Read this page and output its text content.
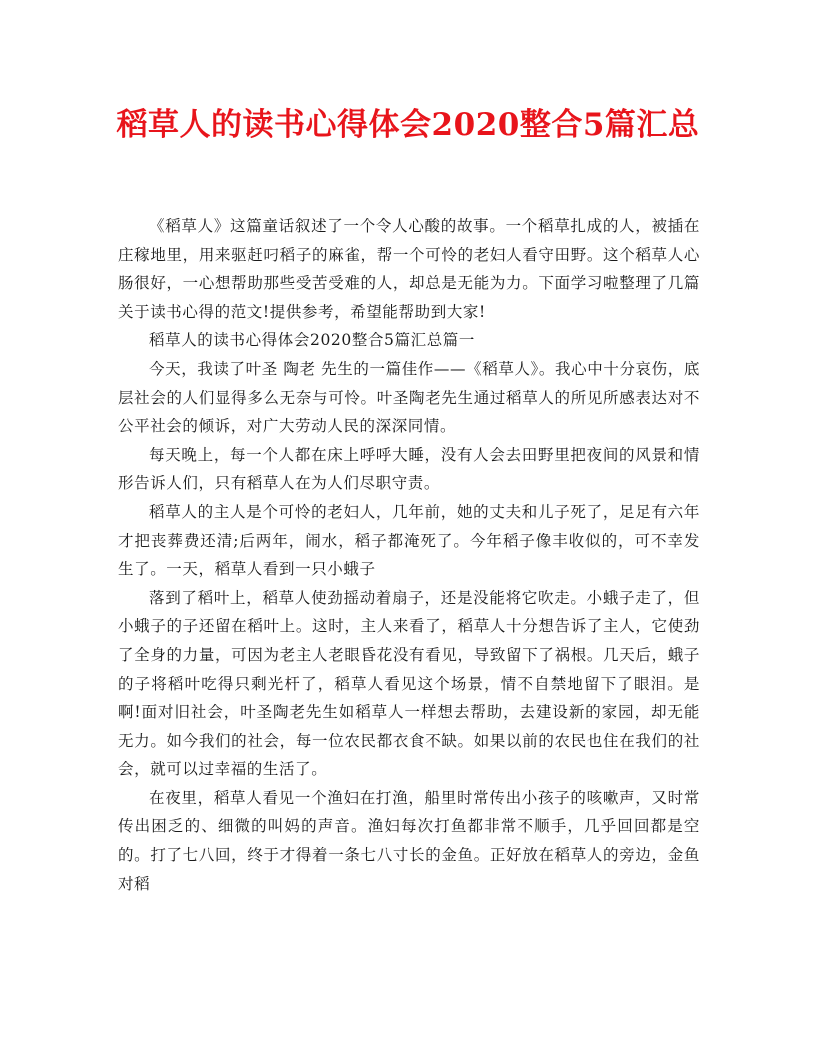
稻草人的读书心得体会2020整合5篇汇总

《稻草人》这篇童话叙述了一个令人心酸的故事。一个稻草扎成的人，被插在庄稼地里，用来驱赶叼稻子的麻雀，帮一个可怜的老妇人看守田野。这个稻草人心肠很好，一心想帮助那些受苦受难的人，却总是无能为力。下面学习啦整理了几篇关于读书心得的范文!提供参考，希望能帮助到大家!

稻草人的读书心得体会2020整合5篇汇总篇一

今天，我读了叶圣 陶老 先生的一篇佳作——《稻草人》。我心中十分哀伤，底层社会的人们显得多么无奈与可怜。叶圣陶老先生通过稻草人的所见所感表达对不公平社会的倾诉，对广大劳动人民的深深同情。

每天晚上，每一个人都在床上呼呼大睡，没有人会去田野里把夜间的风景和情形告诉人们，只有稻草人在为人们尽职守责。

稻草人的主人是个可怜的老妇人，几年前，她的丈夫和儿子死了，足足有六年才把丧葬费还清;后两年，闹水，稻子都淹死了。今年稻子像丰收似的，可不幸发生了。一天，稻草人看到一只小蛾子

落到了稻叶上，稻草人使劲摇动着扇子，还是没能将它吹走。小蛾子走了，但小蛾子的子还留在稻叶上。这时，主人来看了，稻草人十分想告诉了主人，它使劲了全身的力量，可因为老主人老眼昏花没有看见，导致留下了祸根。几天后，蛾子的子将稻叶吃得只剩光杆了，稻草人看见这个场景，情不自禁地留下了眼泪。是啊!面对旧社会，叶圣陶老先生如稻草人一样想去帮助，去建设新的家园，却无能无力。如今我们的社会，每一位农民都衣食不缺。如果以前的农民也住在我们的社会，就可以过幸福的生活了。

在夜里，稻草人看见一个渔妇在打渔，船里时常传出小孩子的咳嗽声，又时常传出困乏的、细微的叫妈的声音。渔妇每次打鱼都非常不顺手，几乎回回都是空的。打了七八回，终于才得着一条七八寸长的金鱼。正好放在稻草人的旁边，金鱼对稻
